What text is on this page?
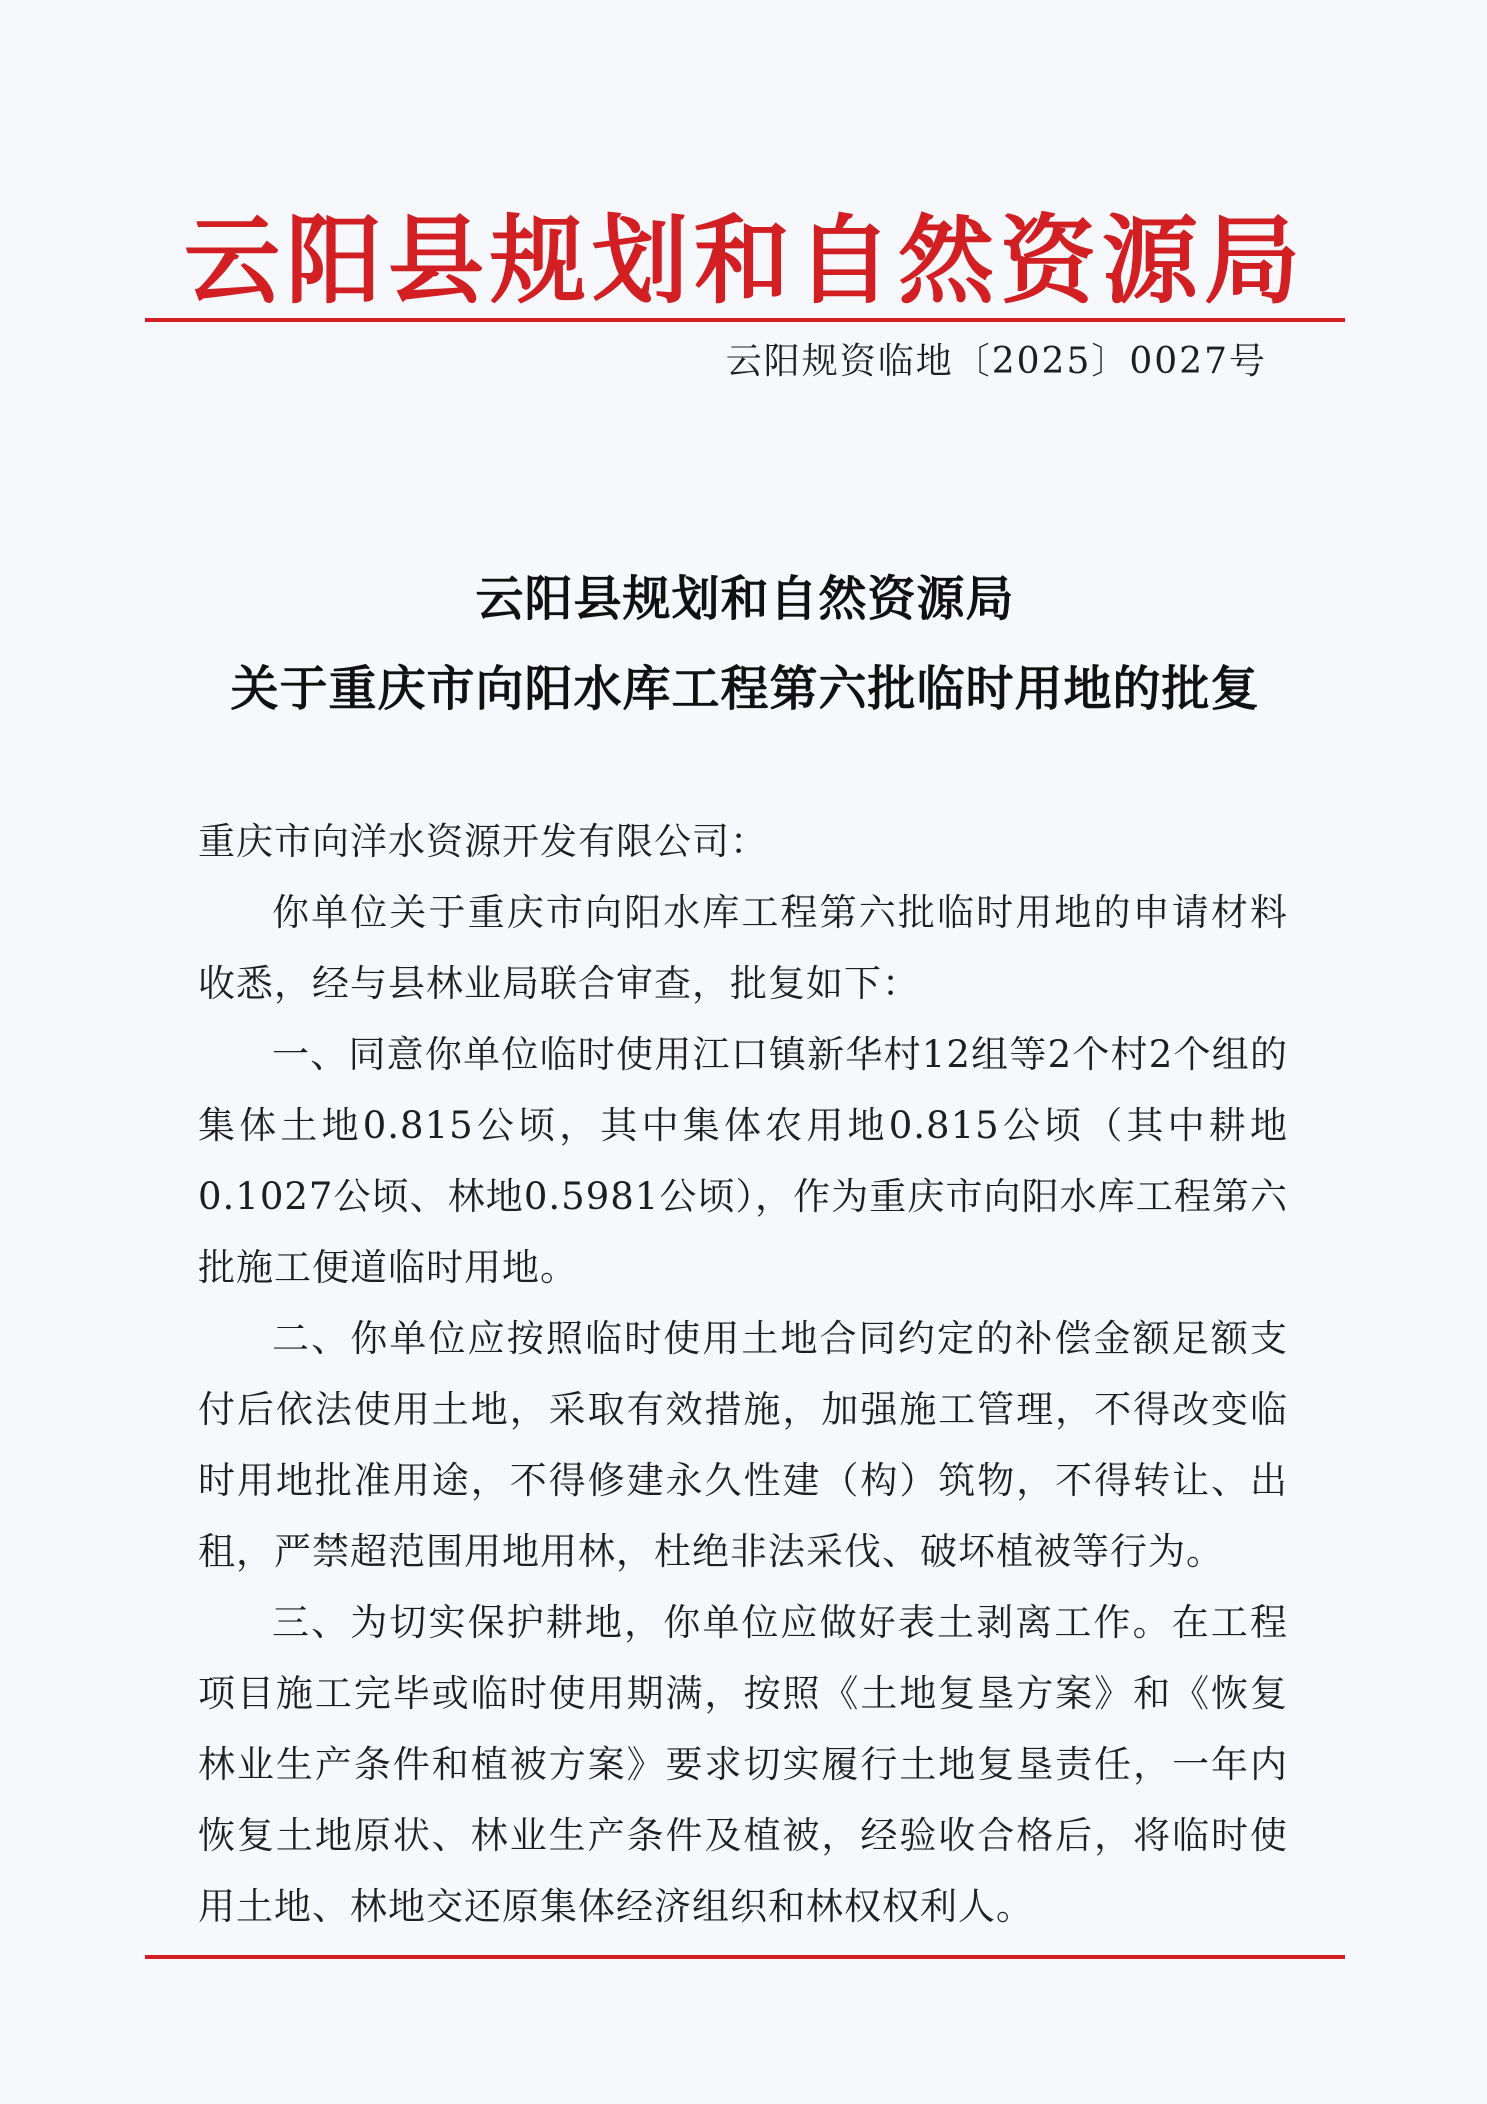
云阳县规划和自然资源局
云阳规资临地〔2025〕0027号
云阳县规划和自然资源局
关于重庆市向阳水库工程第六批临时用地的批复

重庆市向洋水资源开发有限公司：

你单位关于重庆市向阳水库工程第六批临时用地的申请材料收悉，经与县林业局联合审查，批复如下：

一、同意你单位临时使用江口镇新华村12组等2个村2个组的集体土地0.815公顷，其中集体农用地0.815公顷（其中耕地0.1027公顷、林地0.5981公顷），作为重庆市向阳水库工程第六批施工便道临时用地。

二、你单位应按照临时使用土地合同约定的补偿金额足额支付后依法使用土地，采取有效措施，加强施工管理，不得改变临时用地批准用途，不得修建永久性建（构）筑物，不得转让、出租，严禁超范围用地用林，杜绝非法采伐、破坏植被等行为。

三、为切实保护耕地，你单位应做好表土剥离工作。在工程项目施工完毕或临时使用期满，按照《土地复垦方案》和《恢复林业生产条件和植被方案》要求切实履行土地复垦责任，一年内恢复土地原状、林业生产条件及植被，经验收合格后，将临时使用土地、林地交还原集体经济组织和林权权利人。
